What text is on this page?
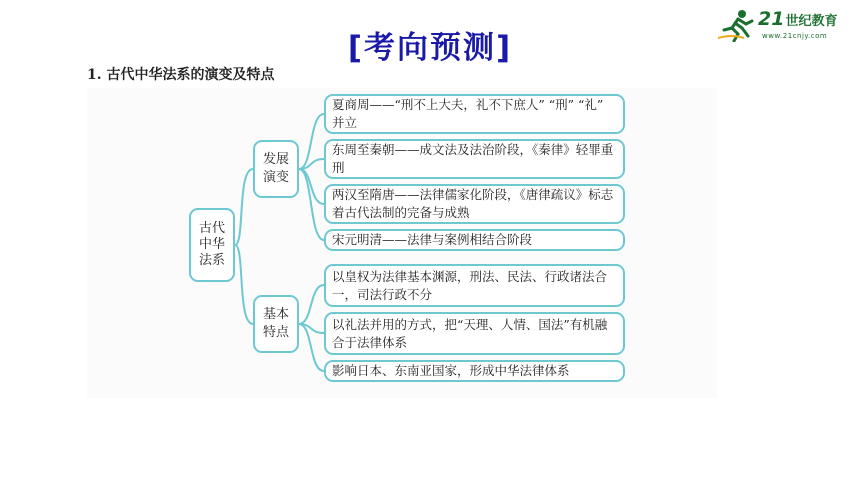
[考向预测]
21世纪教育
www.21cnjy.com
1. 古代中华法系的演变及特点
古代中华法系
发展演变
基本特点
夏商周——“刑不上大夫，礼不下庶人” “刑” “礼” 并立
东周至秦朝——成文法及法治阶段，《秦律》轻罪重刑
两汉至隋唐——法律儒家化阶段，《唐律疏议》标志着古代法制的完备与成熟
宋元明清——法律与案例相结合阶段
以皇权为法律基本渊源，刑法、民法、行政诸法合一，司法行政不分
以礼法并用的方式，把“天理、人情、国法”有机融合于法律体系
影响日本、东南亚国家，形成中华法律体系
